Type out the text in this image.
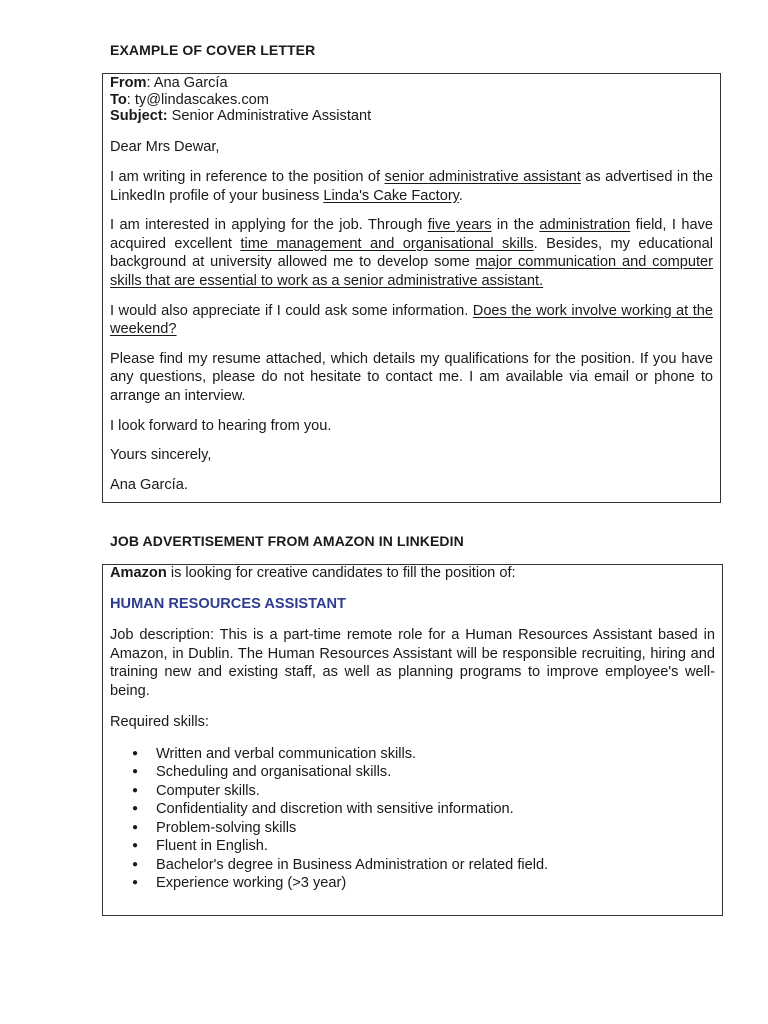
EXAMPLE OF COVER LETTER
From: Ana García
To: ty@lindascakes.com
Subject: Senior Administrative Assistant

Dear Mrs Dewar,

I am writing in reference to the position of senior administrative assistant as advertised in the LinkedIn profile of your business Linda's Cake Factory.

I am interested in applying for the job. Through five years in the administration field, I have acquired excellent time management and organisational skills. Besides, my educational background at university allowed me to develop some major communication and computer skills that are essential to work as a senior administrative assistant.

I would also appreciate if I could ask some information. Does the work involve working at the weekend?

Please find my resume attached, which details my qualifications for the position. If you have any questions, please do not hesitate to contact me. I am available via email or phone to arrange an interview.

I look forward to hearing from you.

Yours sincerely,

Ana García.

JOB ADVERTISEMENT FROM AMAZON IN LINKEDIN
Amazon is looking for creative candidates to fill the position of:
HUMAN RESOURCES ASSISTANT

Job description: This is a part-time remote role for a Human Resources Assistant based in Amazon, in Dublin. The Human Resources Assistant will be responsible recruiting, hiring and training new and existing staff, as well as planning programs to improve employee's well-being.

Required skills:

● Written and verbal communication skills.
● Scheduling and organisational skills.
● Computer skills.
● Confidentiality and discretion with sensitive information.
● Problem-solving skills
● Fluent in English.
● Bachelor's degree in Business Administration or related field.
● Experience working (>3 year)
